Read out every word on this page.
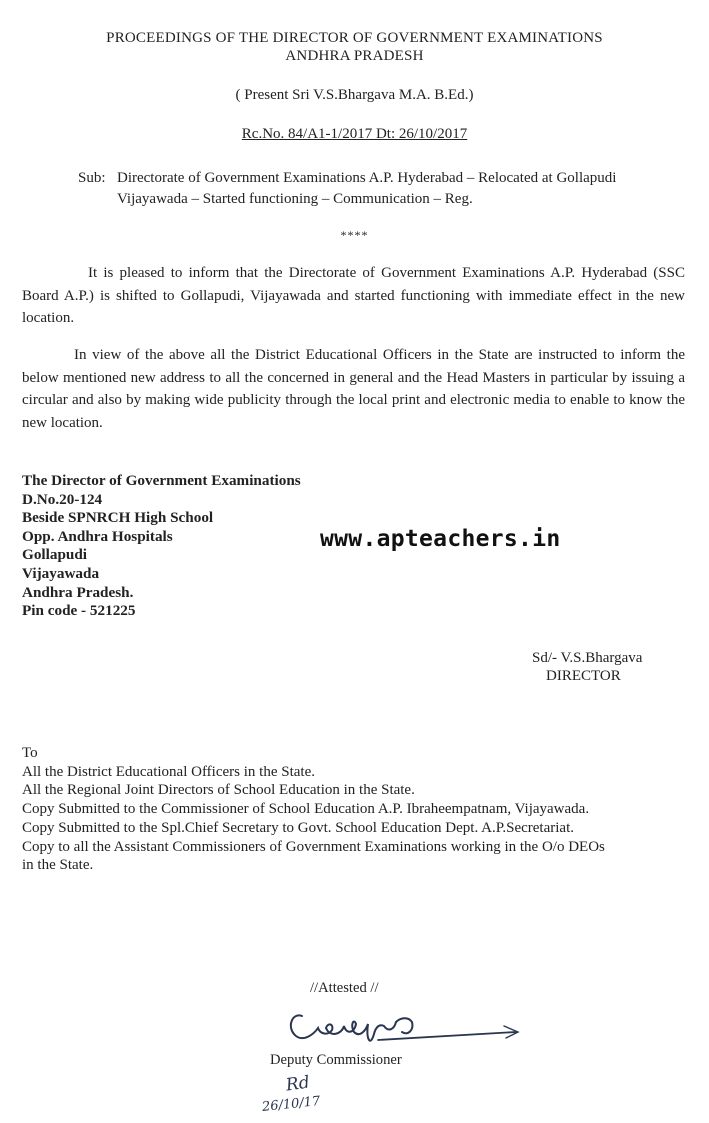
PROCEEDINGS OF THE DIRECTOR OF GOVERNMENT EXAMINATIONS
ANDHRA PRADESH
( Present Sri V.S.Bhargava M.A. B.Ed.)
Rc.No. 84/A1-1/2017 Dt: 26/10/2017
Sub: Directorate of Government Examinations A.P. Hyderabad – Relocated at Gollapudi
Vijayawada – Started functioning – Communication – Reg.
****
It is pleased to inform that the Directorate of Government Examinations A.P. Hyderabad (SSC Board A.P.) is shifted to Gollapudi, Vijayawada and started functioning with immediate effect in the new location.
In view of the above all the District Educational Officers in the State are instructed to inform the below mentioned new address to all the concerned in general and the Head Masters in particular by issuing a circular and also by making wide publicity through the local print and electronic media to enable to know the new location.
The Director of Government Examinations
D.No.20-124
Beside SPNRCH High School
Opp. Andhra Hospitals
Gollapudi
Vijayawada
Andhra Pradesh.
Pin code - 521225
www.apteachers.in
Sd/- V.S.Bhargava
DIRECTOR
To
All the District Educational Officers in the State.
All the Regional Joint Directors of School Education in the State.
Copy Submitted to the Commissioner of School Education A.P. Ibraheempatnam, Vijayawada.
Copy Submitted to the Spl.Chief Secretary to Govt. School Education Dept. A.P.Secretariat.
Copy to all the Assistant Commissioners of Government Examinations working in the O/o DEOs
in the State.
//Attested //
Deputy Commissioner
Rd
26/10/17
